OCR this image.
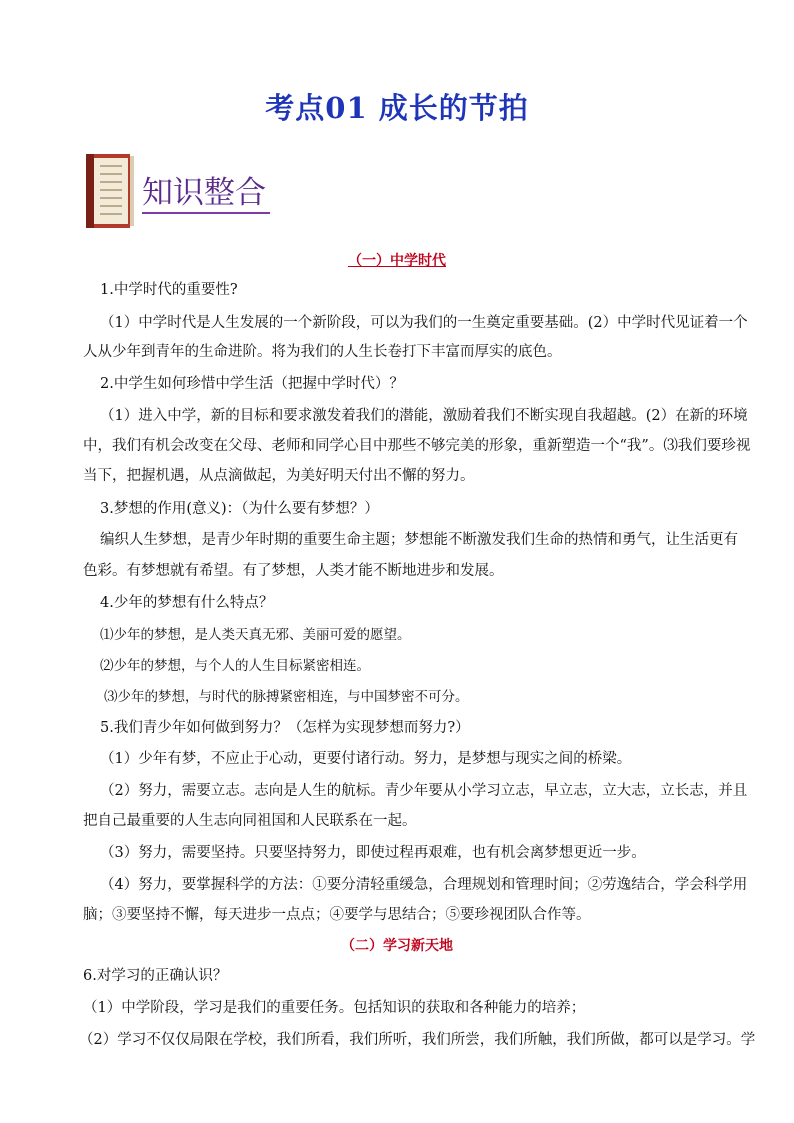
考点01 成长的节拍
知识整合
（一）中学时代
1.中学时代的重要性?
（1）中学时代是人生发展的一个新阶段，可以为我们的一生奠定重要基础。(2）中学时代见证着一个
人从少年到青年的生命进阶。将为我们的人生长卷打下丰富而厚实的底色。
2.中学生如何珍惜中学生活（把握中学时代）？
（1）进入中学，新的目标和要求激发着我们的潜能，激励着我们不断实现自我超越。(2）在新的环境
中，我们有机会改变在父母、老师和同学心目中那些不够完美的形象，重新塑造一个“我”。⑶我们要珍视
当下，把握机遇，从点滴做起，为美好明天付出不懈的努力。
3.梦想的作用(意义)：（为什么要有梦想？）
编织人生梦想，是青少年时期的重要生命主题；梦想能不断激发我们生命的热情和勇气，让生活更有
色彩。有梦想就有希望。有了梦想，人类才能不断地进步和发展。
4.少年的梦想有什么特点？
⑴少年的梦想，是人类天真无邪、美丽可爱的愿望。
⑵少年的梦想，与个人的人生目标紧密相连。
⑶少年的梦想，与时代的脉搏紧密相连，与中国梦密不可分。
5.我们青少年如何做到努力？（怎样为实现梦想而努力?）
（1）少年有梦，不应止于心动，更要付诸行动。努力，是梦想与现实之间的桥梁。
（2）努力，需要立志。志向是人生的航标。青少年要从小学习立志，早立志，立大志，立长志，并且
把自己最重要的人生志向同祖国和人民联系在一起。
（3）努力，需要坚持。只要坚持努力，即使过程再艰难，也有机会离梦想更近一步。
（4）努力，要掌握科学的方法：①要分清轻重缓急，合理规划和管理时间；②劳逸结合，学会科学用
脑；③要坚持不懈，每天进步一点点；④要学与思结合；⑤要珍视团队合作等。
（二）学习新天地
6.对学习的正确认识？
（1）中学阶段，学习是我们的重要任务。包括知识的获取和各种能力的培养；
（2）学习不仅仅局限在学校，我们所看，我们所听，我们所尝，我们所触，我们所做，都可以是学习。学
